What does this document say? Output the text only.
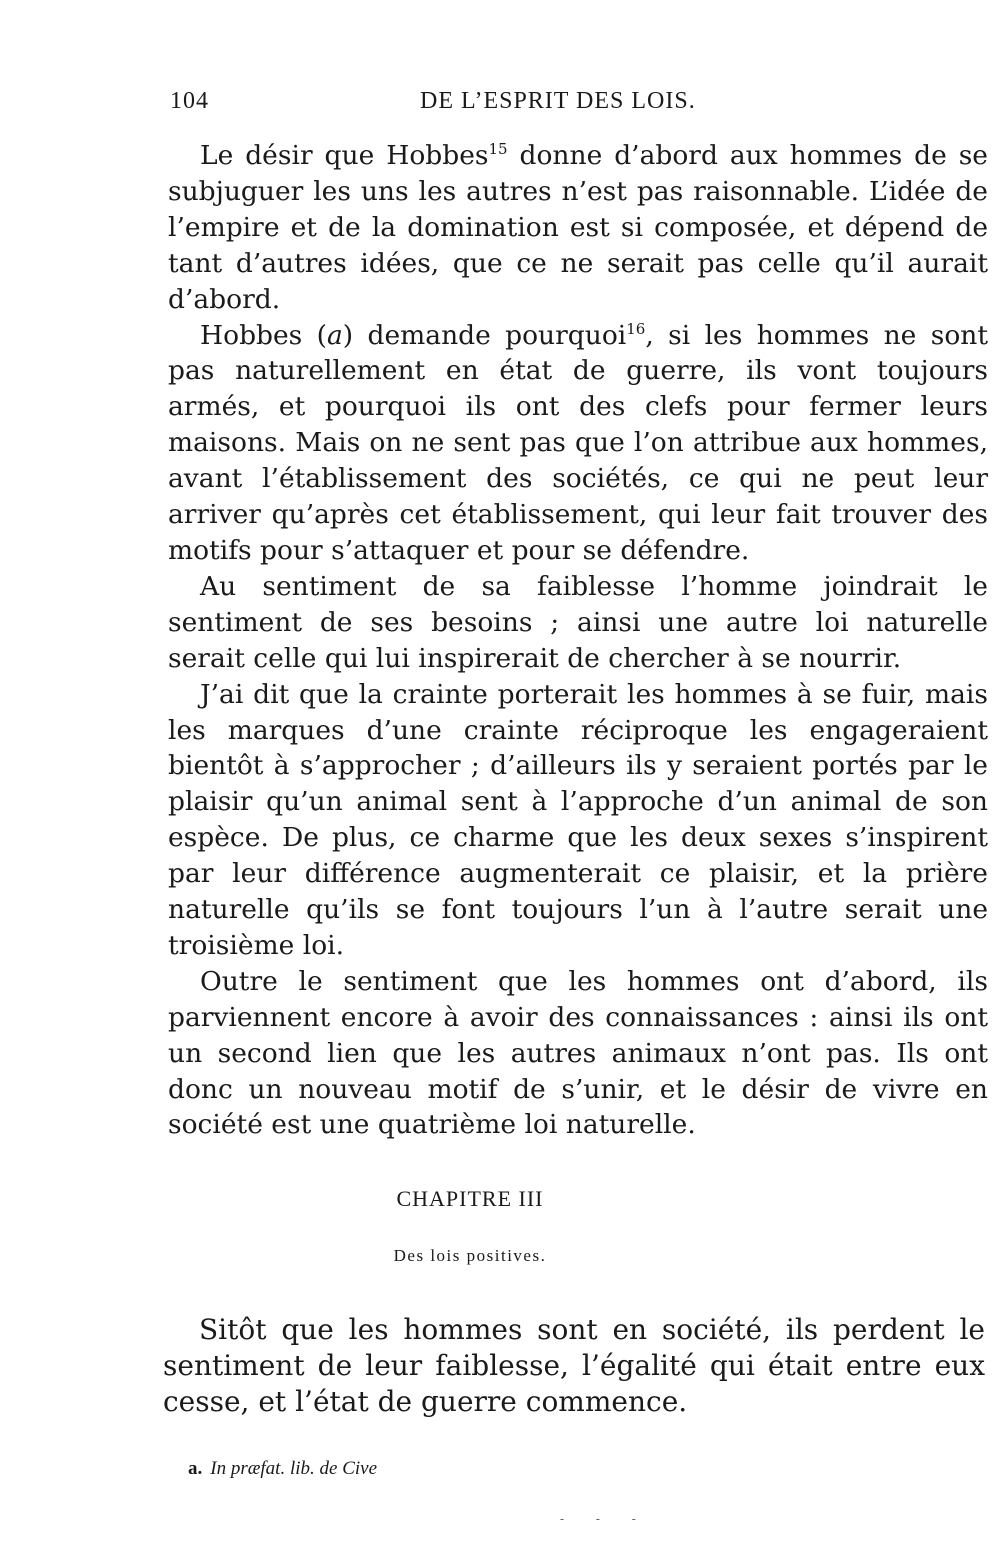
104	DE L’ESPRIT DES LOIS.

Le désir que Hobbes$^{15}$ donne d’abord aux hommes de se subjuguer les uns les autres n’est pas raisonnable. L’idée de l’empire et de la domination est si composée, et dépend de tant d’autres idées, que ce ne serait pas celle qu’il aurait d’abord.

Hobbes (a) demande pourquoi$^{16}$, si les hommes ne sont pas naturellement en état de guerre, ils vont toujours armés, et pourquoi ils ont des clefs pour fermer leurs maisons. Mais on ne sent pas que l’on attribue aux hommes, avant l’établissement des sociétés, ce qui ne peut leur arriver qu’après cet établissement, qui leur fait trouver des motifs pour s’attaquer et pour se défendre.

Au sentiment de sa faiblesse l’homme joindrait le sentiment de ses besoins ; ainsi une autre loi naturelle serait celle qui lui inspirerait de chercher à se nourrir.

J’ai dit que la crainte porterait les hommes à se fuir, mais les marques d’une crainte réciproque les engageraient bientôt à s’approcher ; d’ailleurs ils y seraient portés par le plaisir qu’un animal sent à l’approche d’un animal de son espèce. De plus, ce charme que les deux sexes s’inspirent par leur différence augmenterait ce plaisir, et la prière naturelle qu’ils se font toujours l’un à l’autre serait une troisième loi.

Outre le sentiment que les hommes ont d’abord, ils parviennent encore à avoir des connaissances : ainsi ils ont un second lien que les autres animaux n’ont pas. Ils ont donc un nouveau motif de s’unir, et le désir de vivre en société est une quatrième loi naturelle.

CHAPITRE III
Des lois positives.

Sitôt que les hommes sont en société, ils perdent le sentiment de leur faiblesse, l’égalité qui était entre eux cesse, et l’état de guerre commence.

a. In præfat. lib. de Cive
- - -
